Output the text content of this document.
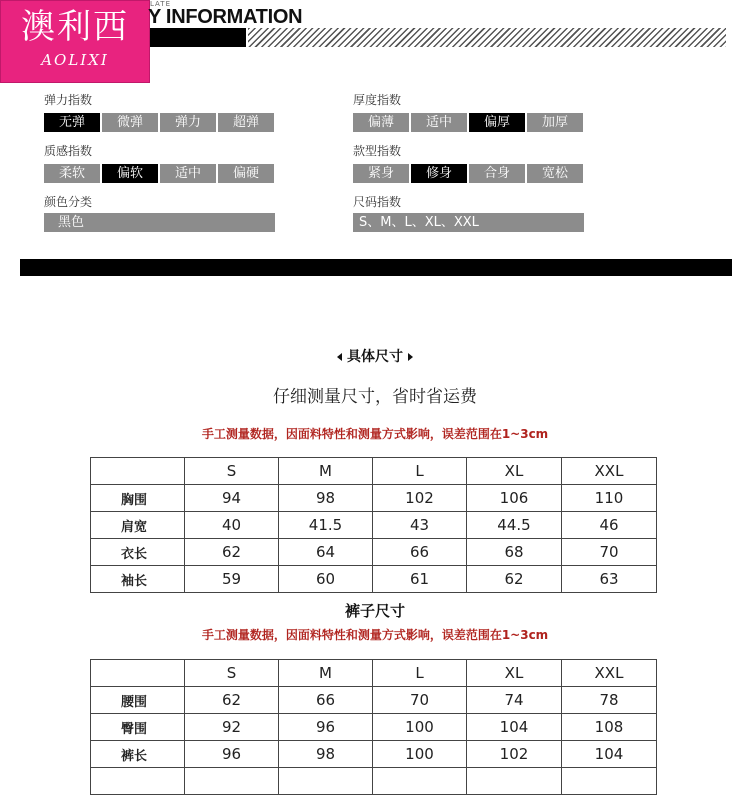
澳利西
AOLIXI
LATE
Y INFORMATION
弹力指数
无弹	微弹	弹力	超弹
质感指数
柔软	偏软	适中	偏硬
颜色分类
黑色
厚度指数
偏薄	适中	偏厚	加厚
款型指数
紧身	修身	合身	宽松
尺码指数
S、M、L、XL、XXL
具体尺寸
仔细测量尺寸，省时省运费
手工测量数据，因面料特性和测量方式影响，误差范围在1~3cm
	S	M	L	XL	XXL
胸围	94	98	102	106	110
肩宽	40	41.5	43	44.5	46
衣长	62	64	66	68	70
袖长	59	60	61	62	63
裤子尺寸
手工测量数据，因面料特性和测量方式影响，误差范围在1~3cm
	S	M	L	XL	XXL
腰围	62	66	70	74	78
臀围	92	96	100	104	108
裤长	96	98	100	102	104
